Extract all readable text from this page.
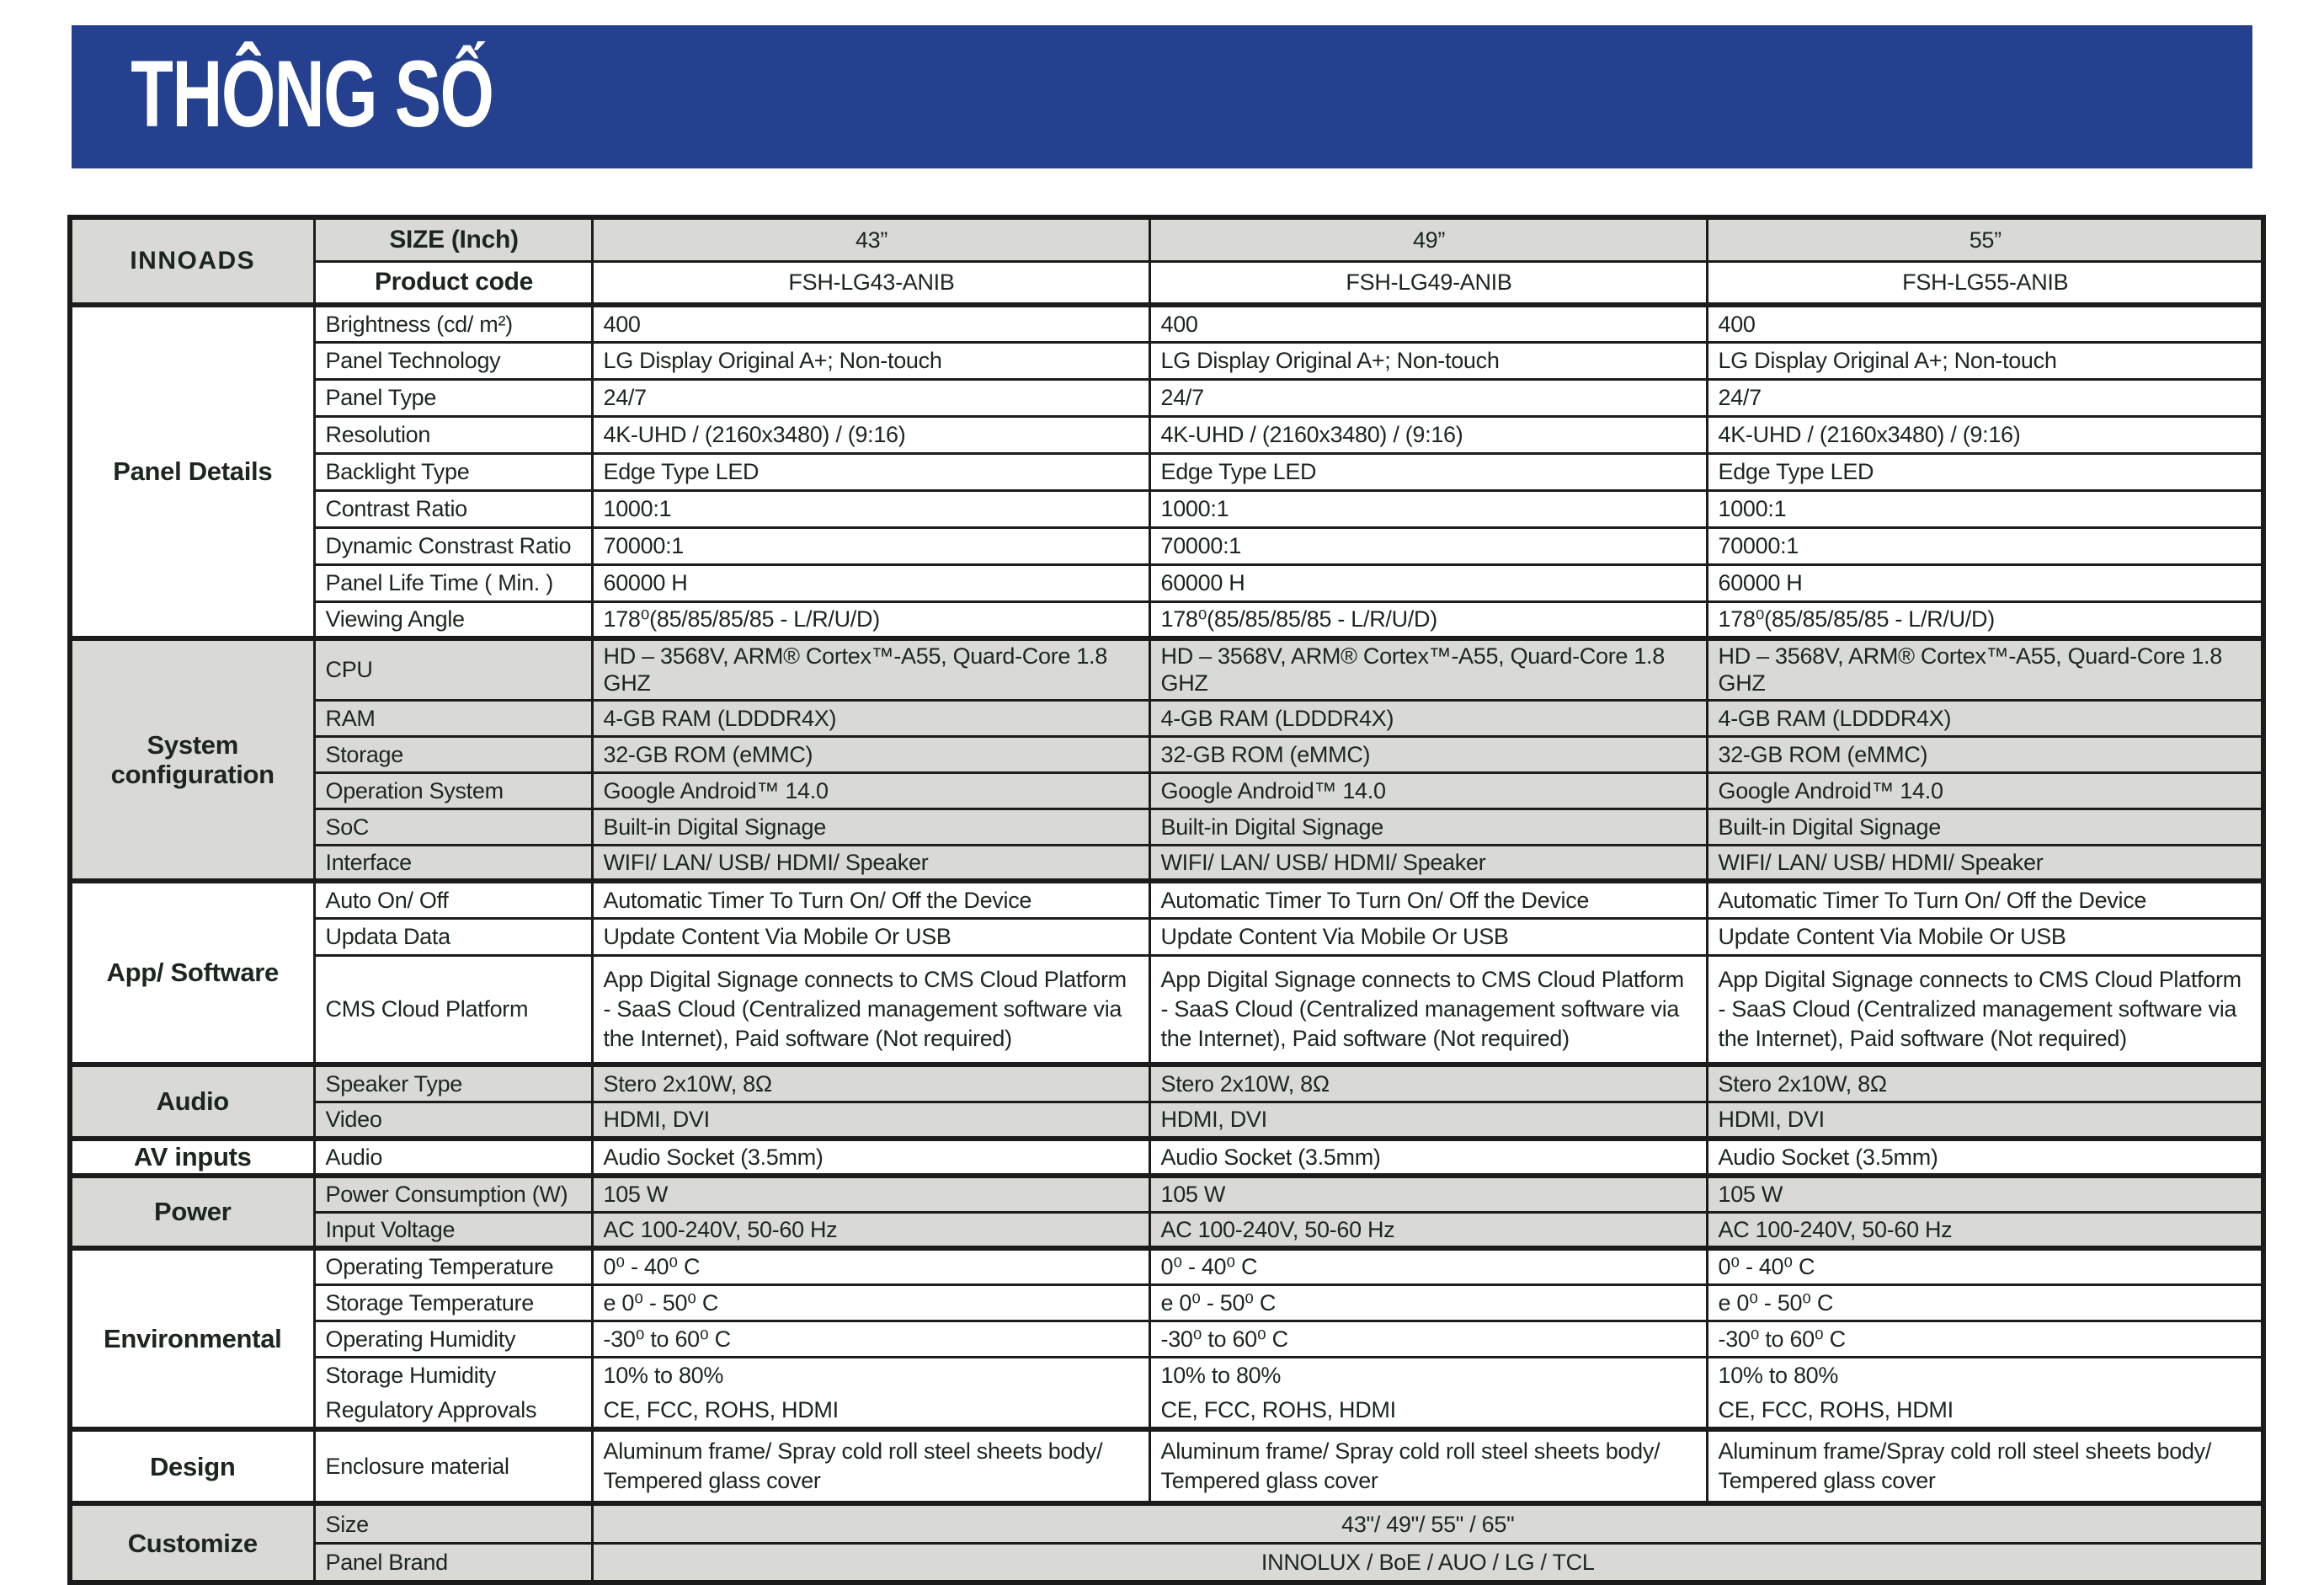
THÔNG SỐ
INNOADS	SIZE (Inch)	43”	49”	55”
	Product code	FSH-LG43-ANIB	FSH-LG49-ANIB	FSH-LG55-ANIB
Panel Details	Brightness (cd/ m²)	400	400	400
	Panel Technology	LG Display Original A+; Non-touch	LG Display Original A+; Non-touch	LG Display Original A+; Non-touch
	Panel Type	24/7	24/7	24/7
	Resolution	4K-UHD / (2160x3480) / (9:16)	4K-UHD / (2160x3480) / (9:16)	4K-UHD / (2160x3480) / (9:16)
	Backlight Type	Edge Type LED	Edge Type LED	Edge Type LED
	Contrast Ratio	1000:1	1000:1	1000:1
	Dynamic Constrast Ratio	70000:1	70000:1	70000:1
	Panel Life Time ( Min. )	60000 H	60000 H	60000 H
	Viewing Angle	178⁰(85/85/85/85 - L/R/U/D)	178⁰(85/85/85/85 - L/R/U/D)	178⁰(85/85/85/85 - L/R/U/D)
System configuration	CPU	HD – 3568V, ARM® Cortex™-A55, Quard-Core 1.8 GHZ	HD – 3568V, ARM® Cortex™-A55, Quard-Core 1.8 GHZ	HD – 3568V, ARM® Cortex™-A55, Quard-Core 1.8 GHZ
	RAM	4-GB RAM (LDDDR4X)	4-GB RAM (LDDDR4X)	4-GB RAM (LDDDR4X)
	Storage	32-GB ROM (eMMC)	32-GB ROM (eMMC)	32-GB ROM (eMMC)
	Operation System	Google Android™ 14.0	Google Android™ 14.0	Google Android™ 14.0
	SoC	Built-in Digital Signage	Built-in Digital Signage	Built-in Digital Signage
	Interface	WIFI/ LAN/ USB/ HDMI/ Speaker	WIFI/ LAN/ USB/ HDMI/ Speaker	WIFI/ LAN/ USB/ HDMI/ Speaker
App/ Software	Auto On/ Off	Automatic Timer To Turn On/ Off the Device	Automatic Timer To Turn On/ Off the Device	Automatic Timer To Turn On/ Off the Device
	Updata Data	Update Content Via Mobile Or USB	Update Content Via Mobile Or USB	Update Content Via Mobile Or USB
	CMS Cloud Platform	App Digital Signage connects to CMS Cloud Platform - SaaS Cloud (Centralized management software via the Internet), Paid software (Not required)	App Digital Signage connects to CMS Cloud Platform - SaaS Cloud (Centralized management software via the Internet), Paid software (Not required)	App Digital Signage connects to CMS Cloud Platform - SaaS Cloud (Centralized management software via the Internet), Paid software (Not required)
Audio	Speaker Type	Stero 2x10W, 8Ω	Stero 2x10W, 8Ω	Stero 2x10W, 8Ω
	Video	HDMI, DVI	HDMI, DVI	HDMI, DVI
AV inputs	Audio	Audio Socket (3.5mm)	Audio Socket (3.5mm)	Audio Socket (3.5mm)
Power	Power Consumption (W)	105 W	105 W	105 W
	Input Voltage	AC 100-240V, 50-60 Hz	AC 100-240V, 50-60 Hz	AC 100-240V, 50-60 Hz
Environmental	Operating Temperature	0⁰ - 40⁰ C	0⁰ - 40⁰ C	0⁰ - 40⁰ C
	Storage Temperature	e 0⁰ - 50⁰ C	e 0⁰ - 50⁰ C	e 0⁰ - 50⁰ C
	Operating Humidity	-30⁰ to 60⁰ C	-30⁰ to 60⁰ C	-30⁰ to 60⁰ C
	Storage Humidity	10% to 80%	10% to 80%	10% to 80%
	Regulatory Approvals	CE, FCC, ROHS, HDMI	CE, FCC, ROHS, HDMI	CE, FCC, ROHS, HDMI
Design	Enclosure material	Aluminum frame/ Spray cold roll steel sheets body/ Tempered glass cover	Aluminum frame/ Spray cold roll steel sheets body/ Tempered glass cover	Aluminum frame/Spray cold roll steel sheets body/ Tempered glass cover
Customize	Size	43"/ 49"/ 55" / 65"		
	Panel Brand	INNOLUX / BoE / AUO / LG / TCL		
